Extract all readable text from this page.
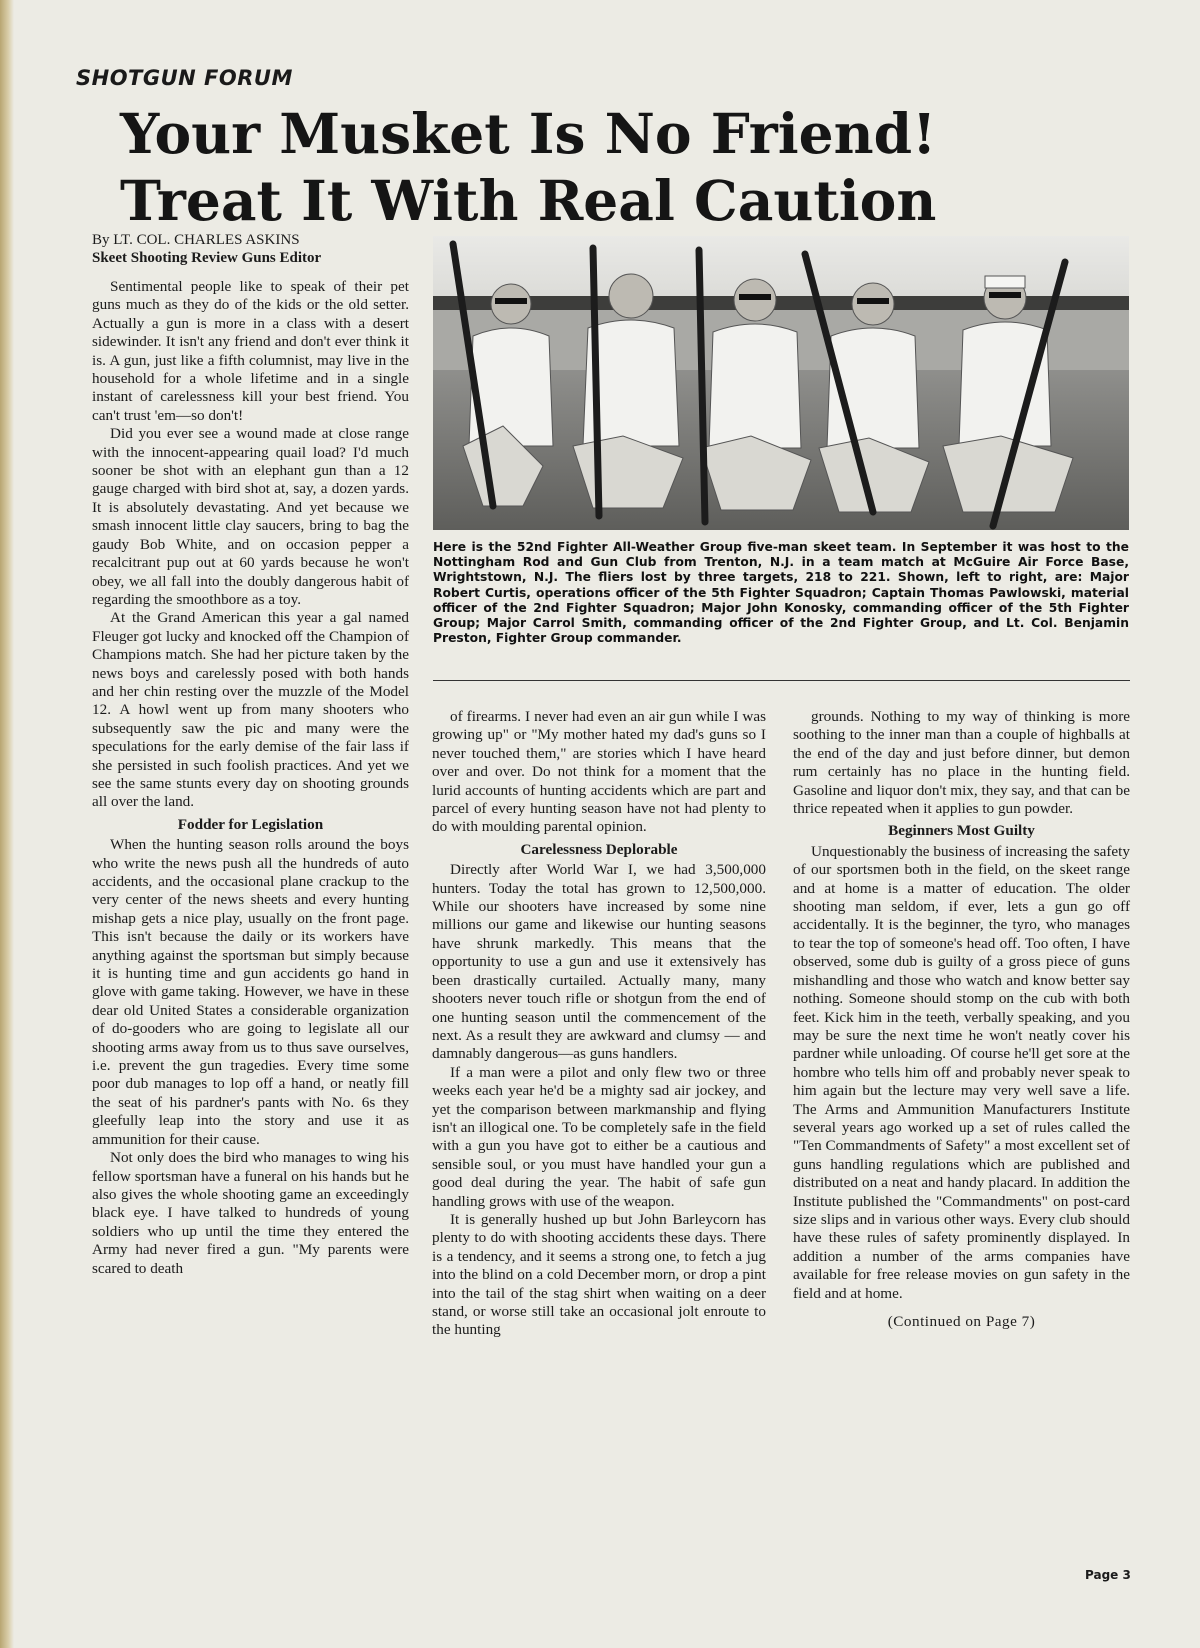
SHOTGUN FORUM
Your Musket Is No Friend!
Treat It With Real Caution
By LT. COL. CHARLES ASKINS
Skeet Shooting Review Guns Editor

Sentimental people like to speak of their pet guns much as they do of the kids or the old setter. Actually a gun is more in a class with a desert sidewinder. It isn't any friend and don't ever think it is. A gun, just like a fifth columnist, may live in the household for a whole lifetime and in a single instant of carelessness kill your best friend. You can't trust 'em—so don't!

Did you ever see a wound made at close range with the innocent-appearing quail load? I'd much sooner be shot with an elephant gun than a 12 gauge charged with bird shot at, say, a dozen yards. It is absolutely devastating. And yet because we smash innocent little clay saucers, bring to bag the gaudy Bob White, and on occasion pepper a recalcitrant pup out at 60 yards because he won't obey, we all fall into the doubly dangerous habit of regarding the smoothbore as a toy.

At the Grand American this year a gal named Fleuger got lucky and knocked off the Champion of Champions match. She had her picture taken by the news boys and carelessly posed with both hands and her chin resting over the muzzle of the Model 12. A howl went up from many shooters who subsequently saw the pic and many were the speculations for the early demise of the fair lass if she persisted in such foolish practices. And yet we see the same stunts every day on shooting grounds all over the land.

Fodder for Legislation

When the hunting season rolls around the boys who write the news push all the hundreds of auto accidents, and the occasional plane crackup to the very center of the news sheets and every hunting mishap gets a nice play, usually on the front page. This isn't because the daily or its workers have anything against the sportsman but simply because it is hunting time and gun accidents go hand in glove with game taking. However, we have in these dear old United States a considerable organization of do-gooders who are going to legislate all our shooting arms away from us to thus save ourselves, i.e. prevent the gun tragedies. Every time some poor dub manages to lop off a hand, or neatly fill the seat of his pardner's pants with No. 6s they gleefully leap into the story and use it as ammunition for their cause.

Not only does the bird who manages to wing his fellow sportsman have a funeral on his hands but he also gives the whole shooting game an exceedingly black eye. I have talked to hundreds of young soldiers who up until the time they entered the Army had never fired a gun. "My parents were scared to death

Here is the 52nd Fighter All-Weather Group five-man skeet team. In September it was host to the Nottingham Rod and Gun Club from Trenton, N.J. in a team match at McGuire Air Force Base, Wrightstown, N.J. The fliers lost by three targets, 218 to 221. Shown, left to right, are: Major Robert Curtis, operations officer of the 5th Fighter Squadron; Captain Thomas Pawlowski, material officer of the 2nd Fighter Squadron; Major John Konosky, commanding officer of the 5th Fighter Group; Major Carrol Smith, commanding officer of the 2nd Fighter Group, and Lt. Col. Benjamin Preston, Fighter Group commander.

of firearms. I never had even an air gun while I was growing up" or "My mother hated my dad's guns so I never touched them," are stories which I have heard over and over. Do not think for a moment that the lurid accounts of hunting accidents which are part and parcel of every hunting season have not had plenty to do with moulding parental opinion.

Carelessness Deplorable

Directly after World War I, we had 3,500,000 hunters. Today the total has grown to 12,500,000. While our shooters have increased by some nine millions our game and likewise our hunting seasons have shrunk markedly. This means that the opportunity to use a gun and use it extensively has been drastically curtailed. Actually many, many shooters never touch rifle or shotgun from the end of one hunting season until the commencement of the next. As a result they are awkward and clumsy — and damnably dangerous—as guns handlers.

If a man were a pilot and only flew two or three weeks each year he'd be a mighty sad air jockey, and yet the comparison between markmanship and flying isn't an illogical one. To be completely safe in the field with a gun you have got to either be a cautious and sensible soul, or you must have handled your gun a good deal during the year. The habit of safe gun handling grows with use of the weapon.

It is generally hushed up but John Barleycorn has plenty to do with shooting accidents these days. There is a tendency, and it seems a strong one, to fetch a jug into the blind on a cold December morn, or drop a pint into the tail of the stag shirt when waiting on a deer stand, or worse still take an occasional jolt enroute to the hunting

grounds. Nothing to my way of thinking is more soothing to the inner man than a couple of highballs at the end of the day and just before dinner, but demon rum certainly has no place in the hunting field. Gasoline and liquor don't mix, they say, and that can be thrice repeated when it applies to gun powder.

Beginners Most Guilty

Unquestionably the business of increasing the safety of our sportsmen both in the field, on the skeet range and at home is a matter of education. The older shooting man seldom, if ever, lets a gun go off accidentally. It is the beginner, the tyro, who manages to tear the top of someone's head off. Too often, I have observed, some dub is guilty of a gross piece of guns mishandling and those who watch and know better say nothing. Someone should stomp on the cub with both feet. Kick him in the teeth, verbally speaking, and you may be sure the next time he won't neatly cover his pardner while unloading. Of course he'll get sore at the hombre who tells him off and probably never speak to him again but the lecture may very well save a life. The Arms and Ammunition Manufacturers Institute several years ago worked up a set of rules called the "Ten Commandments of Safety" a most excellent set of guns handling regulations which are published and distributed on a neat and handy placard. In addition the Institute published the "Commandments" on post-card size slips and in various other ways. Every club should have these rules of safety prominently displayed. In addition a number of the arms companies have available for free release movies on gun safety in the field and at home.

(Continued on Page 7)

Page 3
